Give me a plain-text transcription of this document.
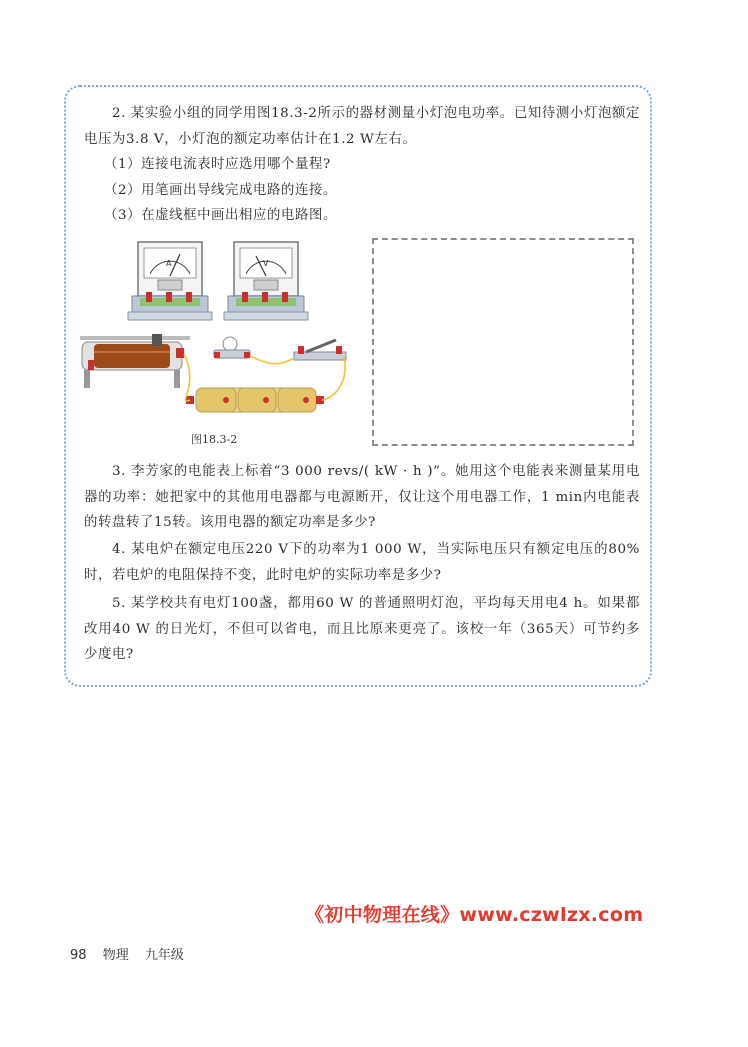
2. 某实验小组的同学用图18.3-2所示的器材测量小灯泡电功率。已知待测小灯泡额定电压为3.8 V，小灯泡的额定功率估计在1.2 W左右。
（1）连接电流表时应选用哪个量程?
（2）用笔画出导线完成电路的连接。
（3）在虚线框中画出相应的电路图。
A	V
图18.3-2
3. 李芳家的电能表上标着“3 000 revs/( kW · h )”。她用这个电能表来测量某用电器的功率：她把家中的其他用电器都与电源断开，仅让这个用电器工作，1 min内电能表的转盘转了15转。该用电器的额定功率是多少?
4. 某电炉在额定电压220 V下的功率为1 000 W，当实际电压只有额定电压的80%时，若电炉的电阻保持不变，此时电炉的实际功率是多少?
5. 某学校共有电灯100盏，都用60 W 的普通照明灯泡，平均每天用电4 h。如果都改用40 W 的日光灯，不但可以省电，而且比原来更亮了。该校一年（365天）可节约多少度电?
《初中物理在线》www.czwlzx.com
98 物理 九年级
